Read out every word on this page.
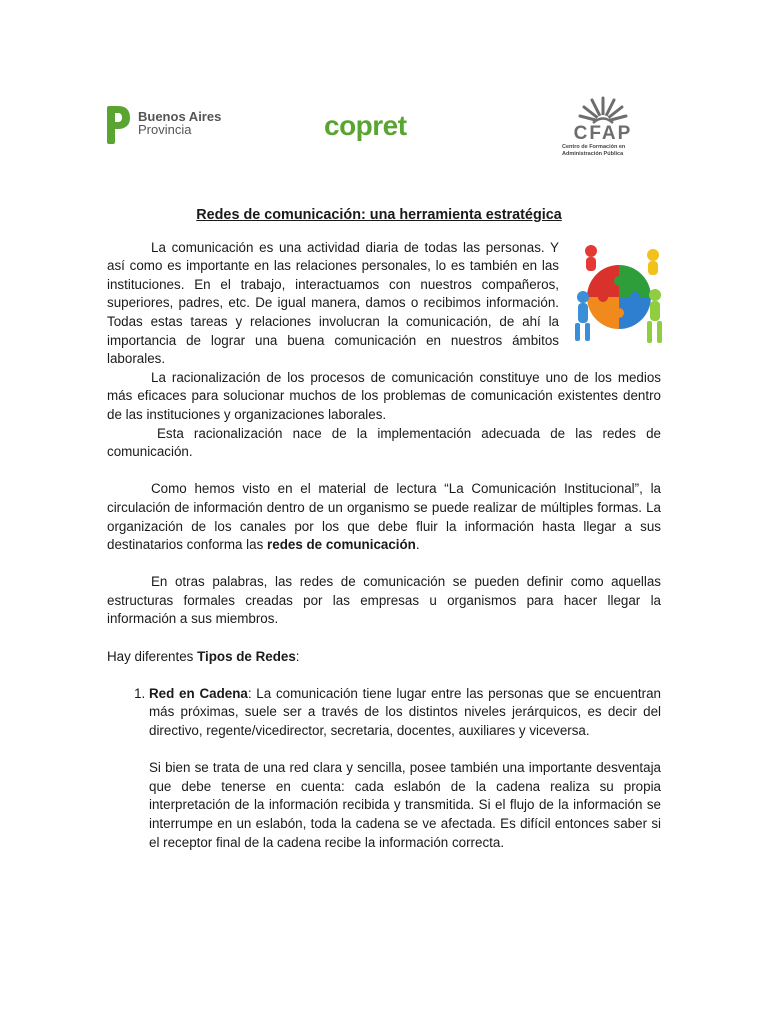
Buenos Aires
Provincia	copret	CFAP
Centro de Formación en
Administración Pública
Redes de comunicación: una herramienta estratégica

La comunicación es una actividad diaria de todas las personas. Y así como es importante en las relaciones personales, lo es también en las instituciones. En el trabajo, interactuamos con nuestros compañeros, superiores, padres, etc. De igual manera, damos o recibimos información. Todas estas tareas y relaciones involucran la comunicación, de ahí la importancia de lograr una buena comunicación en nuestros ámbitos laborales.

La racionalización de los procesos de comunicación constituye uno de los medios más eficaces para solucionar muchos de los problemas de comunicación existentes dentro de las instituciones y organizaciones laborales.

Esta racionalización nace de la implementación adecuada de las redes de comunicación.

Como hemos visto en el material de lectura “La Comunicación Institucional”, la circulación de información dentro de un organismo se puede realizar de múltiples formas. La organización de los canales por los que debe fluir la información hasta llegar a sus destinatarios conforma las redes de comunicación.

En otras palabras, las redes de comunicación se pueden definir como aquellas estructuras formales creadas por las empresas u organismos para hacer llegar la información a sus miembros.

Hay diferentes Tipos de Redes:

1. Red en Cadena: La comunicación tiene lugar entre las personas que se encuentran más próximas, suele ser a través de los distintos niveles jerárquicos, es decir del directivo, regente/vicedirector, secretaria, docentes, auxiliares y viceversa.

Si bien se trata de una red clara y sencilla, posee también una importante desventaja que debe tenerse en cuenta: cada eslabón de la cadena realiza su propia interpretación de la información recibida y transmitida. Si el flujo de la información se interrumpe en un eslabón, toda la cadena se ve afectada. Es difícil entonces saber si el receptor final de la cadena recibe la información correcta.
